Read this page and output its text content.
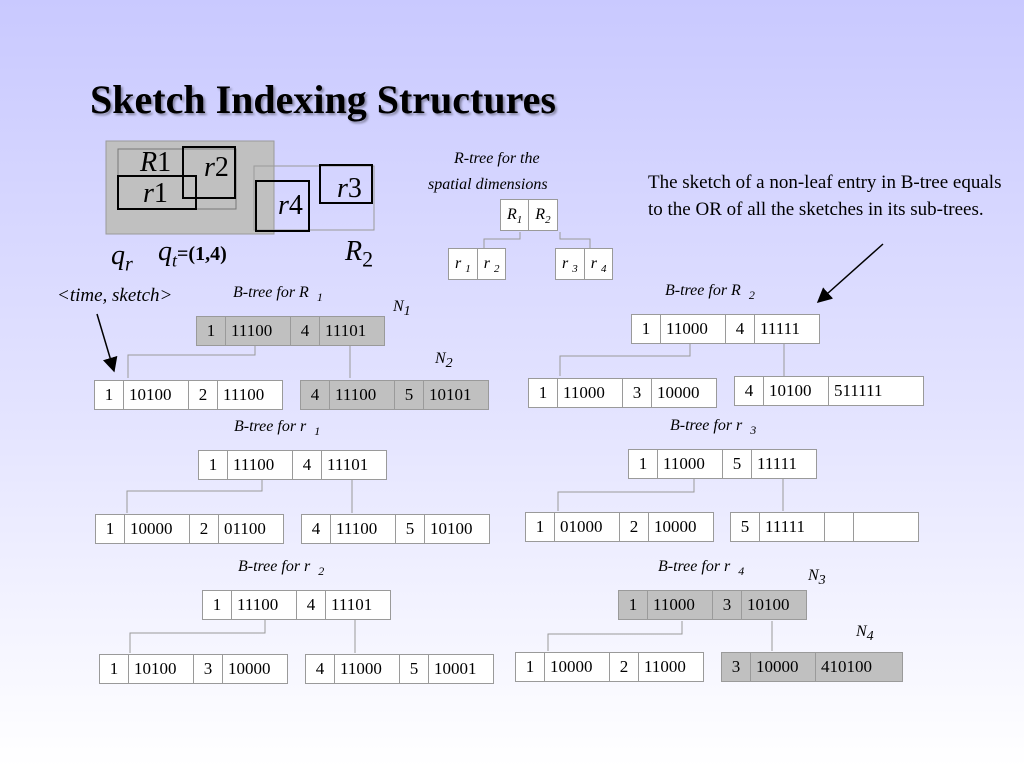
Sketch Indexing Structures
R1 r2
r1	r3
r4
$q_r$ $q_t=(1,4)$	$R_2$
R-tree for the
spatial dimensions
$R_1$ $R_2$
r $_1$ r $_2$	r $_3$ r $_4$
The sketch of a non-leaf entry in B-tree equals to the OR of all the sketches in its sub-trees.
<time, sketch>	B-tree for R $_1$
$N_1$
1 11100	4 11101
$N_2$
1 10100	2 11100	4 11100	5 10101
B-tree for R $_2$
1 11000	4 11111
1 11000	3 10000	4 10100	511111
B-tree for r $_1$
1 11100	4 11101
1 10000	2 01100	4 11100	5 10100
B-tree for r $_3$
1 11000	5 11111
1 01000	2 10000	5 11111
B-tree for r $_2$
1 11100	4 11101
1 10100	3 10000	4 11000	5 10001
B-tree for r $_4$	$N_3$
1 11000	3 10100
$N_4$
1 10000	2 11000	3 10000	410100
